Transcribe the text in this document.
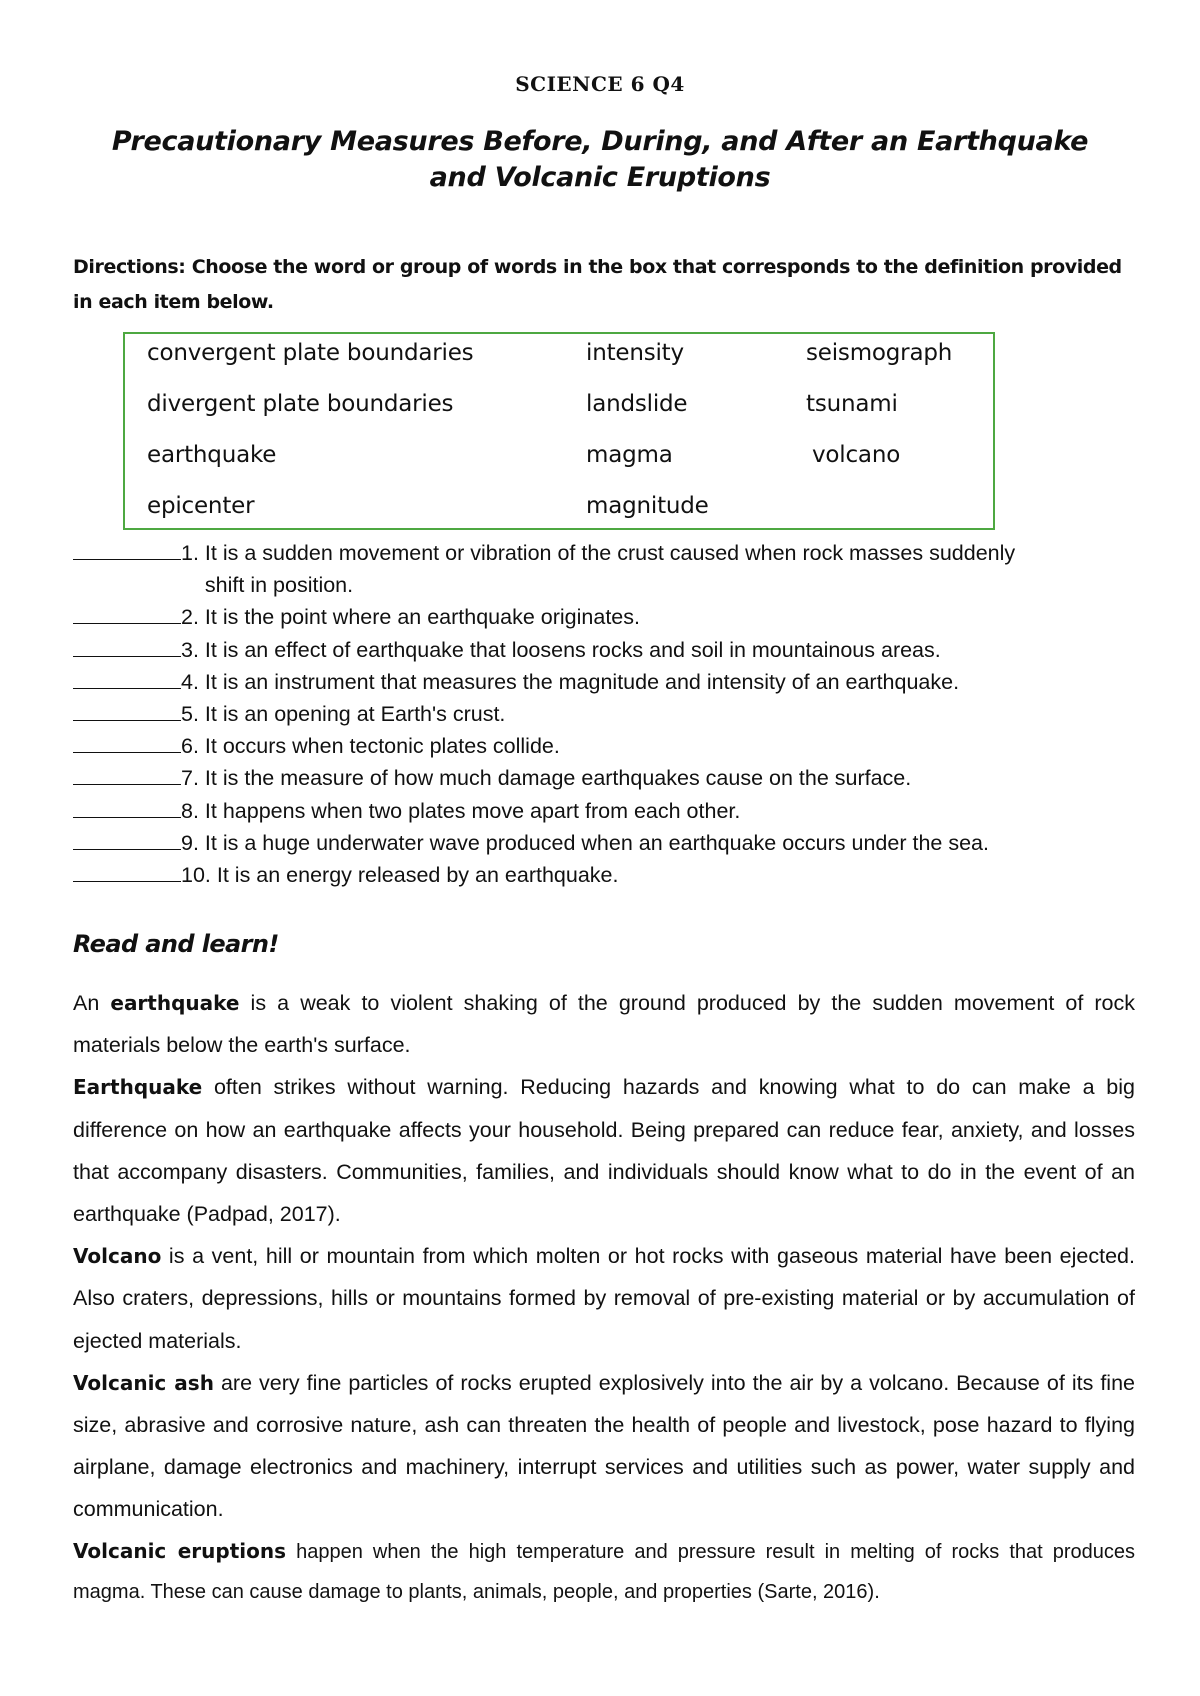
SCIENCE 6 Q4
Precautionary Measures Before, During, and After an Earthquake and Volcanic Eruptions
Directions: Choose the word or group of words in the box that corresponds to the definition provided in each item below.
convergent plate boundaries
divergent plate boundaries
earthquake
epicenter
intensity
landslide
magma
magnitude
seismograph
tsunami
volcano
1.
It is a sudden movement or vibration of the crust caused when rock masses suddenly shift in position.
2.
It is the point where an earthquake originates.
3.
It is an effect of earthquake that loosens rocks and soil in mountainous areas.
4.
It is an instrument that measures the magnitude and intensity of an earthquake.
5.
It is an opening at Earth's crust.
6.
It occurs when tectonic plates collide.
7.
It is the measure of how much damage earthquakes cause on the surface.
8.
It happens when two plates move apart from each other.
9.
It is a huge underwater wave produced when an earthquake occurs under the sea.
10.
It is an energy released by an earthquake.
Read and learn!

An earthquake is a weak to violent shaking of the ground produced by the sudden movement of rock materials below the earth's surface.

Earthquake often strikes without warning. Reducing hazards and knowing what to do can make a big difference on how an earthquake affects your household. Being prepared can reduce fear, anxiety, and losses that accompany disasters. Communities, families, and individuals should know what to do in the event of an earthquake (Padpad, 2017).

Volcano is a vent, hill or mountain from which molten or hot rocks with gaseous material have been ejected. Also craters, depressions, hills or mountains formed by removal of pre-existing material or by accumulation of ejected materials.

Volcanic ash are very fine particles of rocks erupted explosively into the air by a volcano. Because of its fine size, abrasive and corrosive nature, ash can threaten the health of people and livestock, pose hazard to flying airplane, damage electronics and machinery, interrupt services and utilities such as power, water supply and communication.

Volcanic eruptions happen when the high temperature and pressure result in melting of rocks that produces magma. These can cause damage to plants, animals, people, and properties (Sarte, 2016).
